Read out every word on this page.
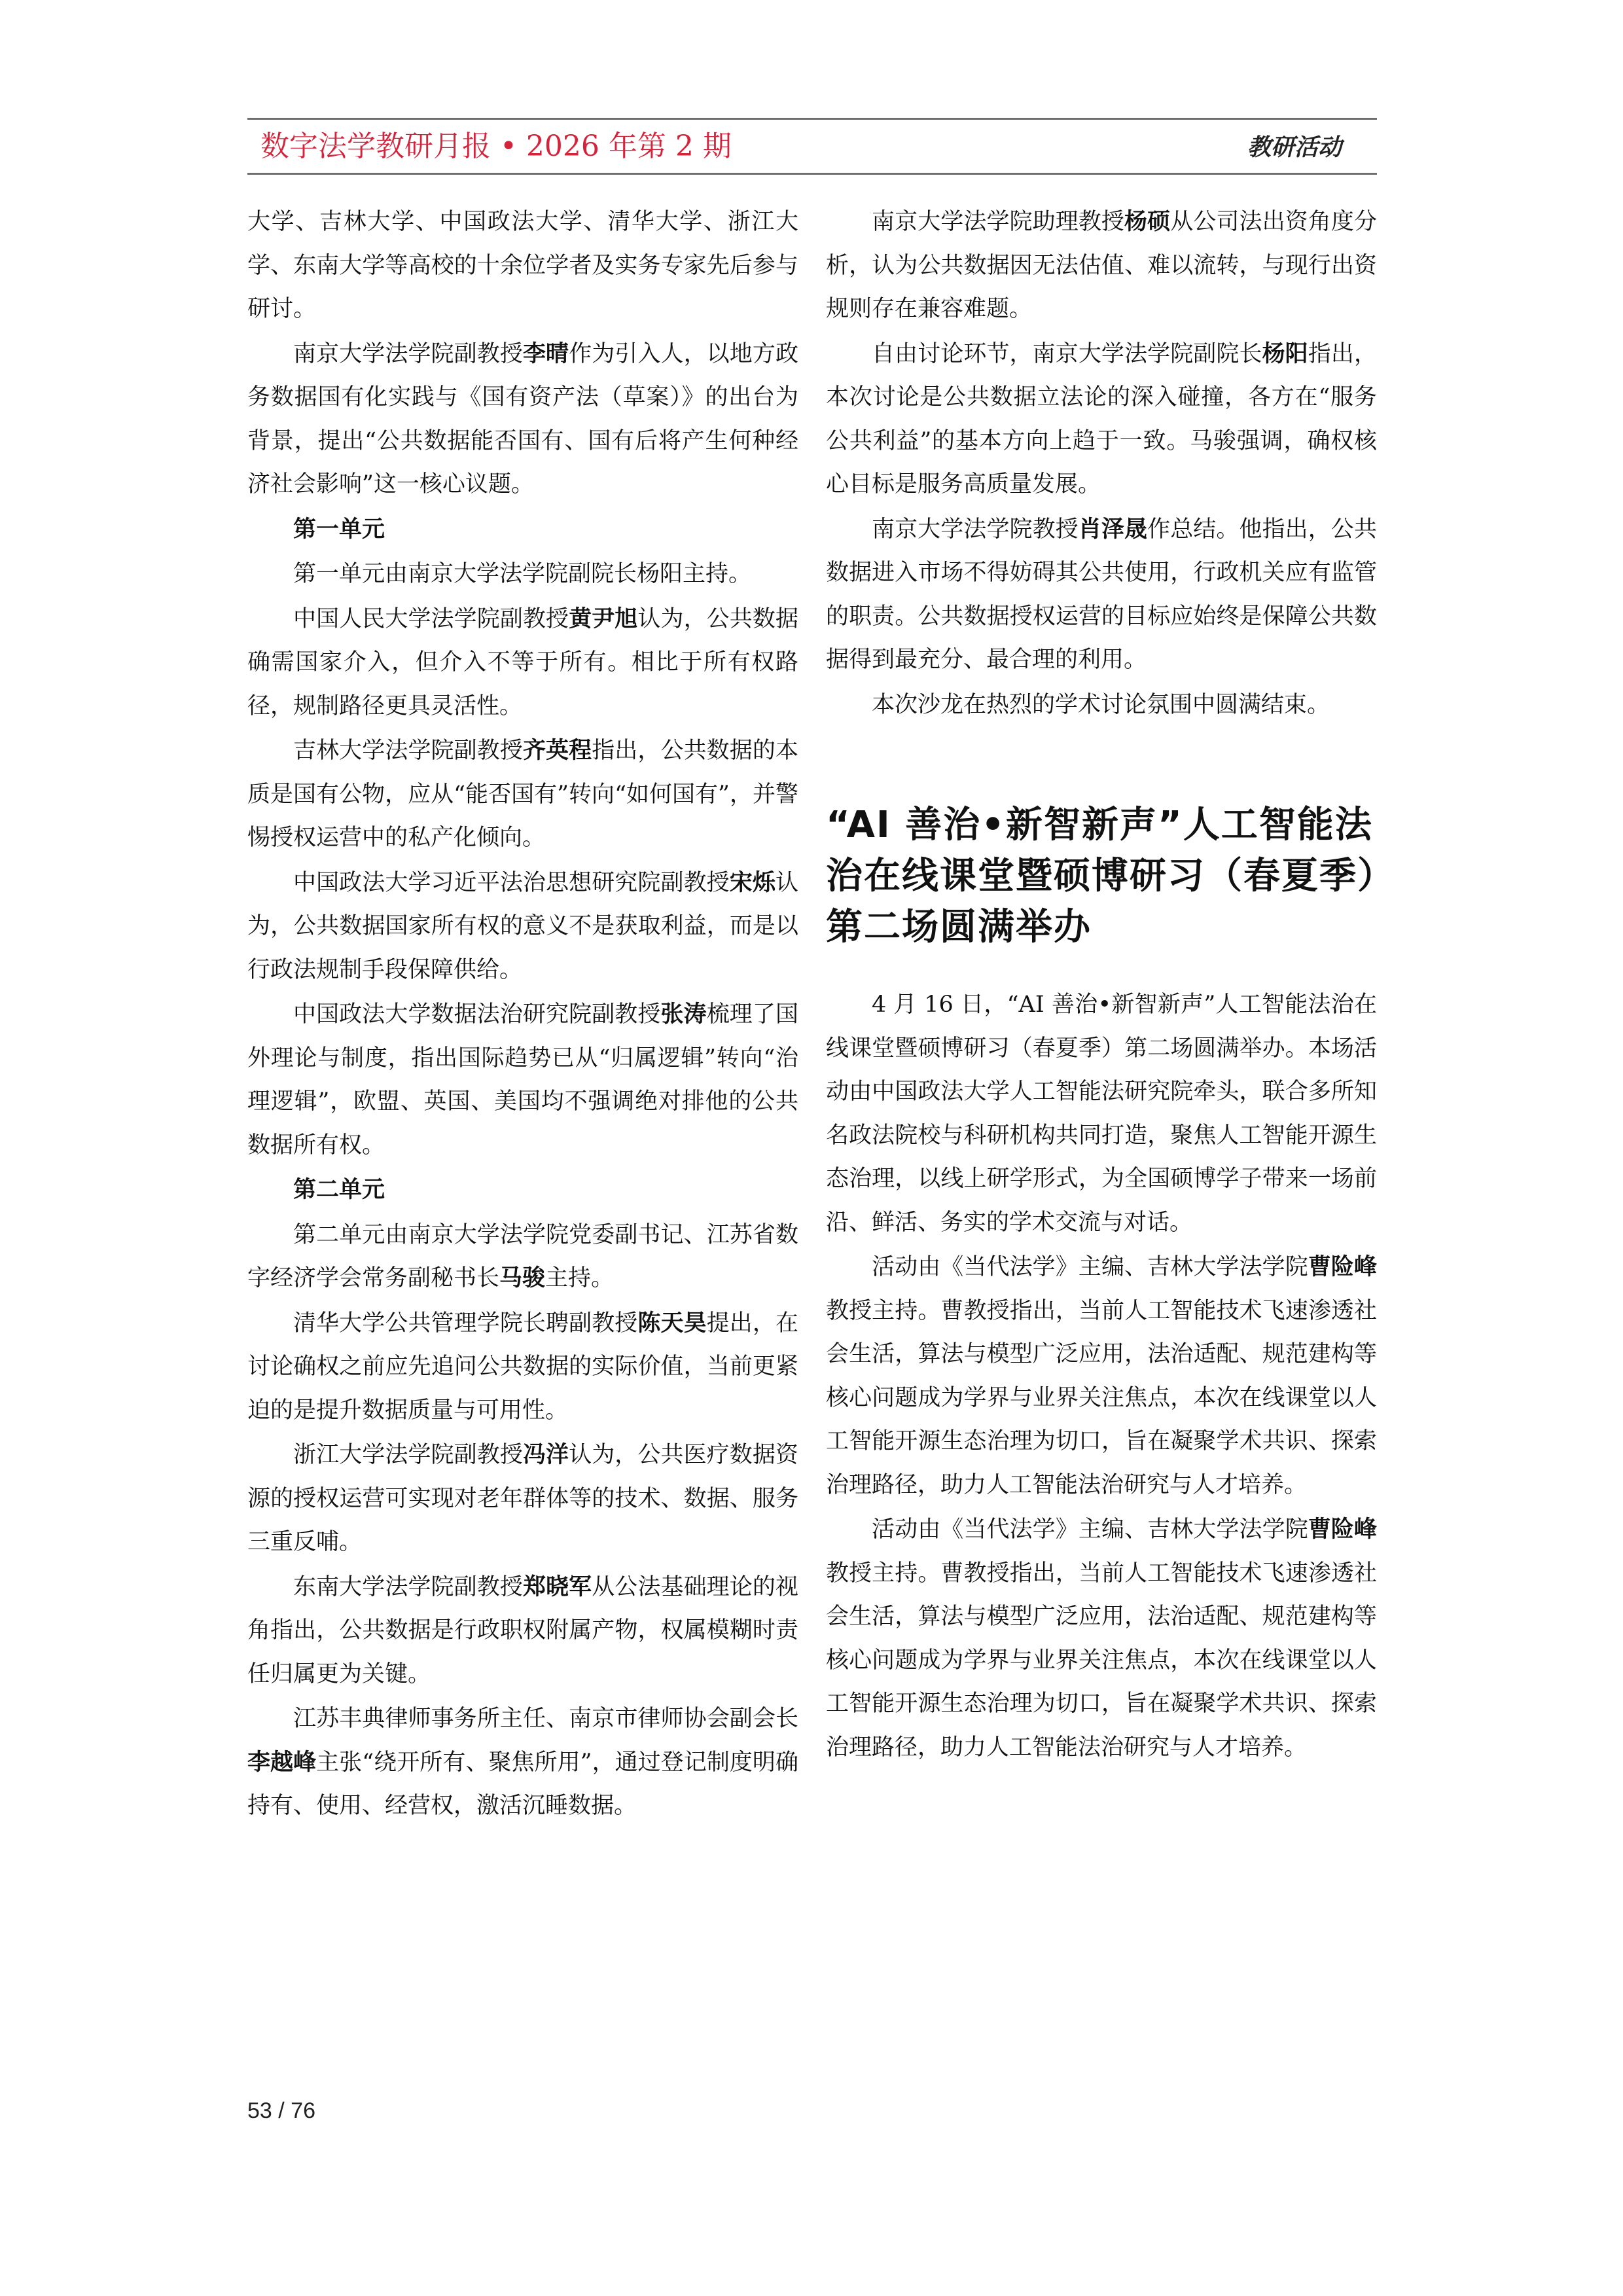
数字法学教研月报 • 2026 年第 2 期	教研活动

大学、吉林大学、中国政法大学、清华大学、浙江大学、东南大学等高校的十余位学者及实务专家先后参与研讨。

南京大学法学院副教授李晴作为引入人，以地方政务数据国有化实践与《国有资产法（草案）》的出台为背景，提出“公共数据能否国有、国有后将产生何种经济社会影响”这一核心议题。

第一单元

第一单元由南京大学法学院副院长杨阳主持。

中国人民大学法学院副教授黄尹旭认为，公共数据确需国家介入，但介入不等于所有。相比于所有权路径，规制路径更具灵活性。

吉林大学法学院副教授齐英程指出，公共数据的本质是国有公物，应从“能否国有”转向“如何国有”，并警惕授权运营中的私产化倾向。

中国政法大学习近平法治思想研究院副教授宋烁认为，公共数据国家所有权的意义不是获取利益，而是以行政法规制手段保障供给。

中国政法大学数据法治研究院副教授张涛梳理了国外理论与制度，指出国际趋势已从“归属逻辑”转向“治理逻辑”，欧盟、英国、美国均不强调绝对排他的公共数据所有权。

第二单元

第二单元由南京大学法学院党委副书记、江苏省数字经济学会常务副秘书长马骏主持。

清华大学公共管理学院长聘副教授陈天昊提出，在讨论确权之前应先追问公共数据的实际价值，当前更紧迫的是提升数据质量与可用性。

浙江大学法学院副教授冯洋认为，公共医疗数据资源的授权运营可实现对老年群体等的技术、数据、服务三重反哺。

东南大学法学院副教授郑晓军从公法基础理论的视角指出，公共数据是行政职权附属产物，权属模糊时责任归属更为关键。

江苏丰典律师事务所主任、南京市律师协会副会长李越峰主张“绕开所有、聚焦所用”，通过登记制度明确持有、使用、经营权，激活沉睡数据。

南京大学法学院助理教授杨硕从公司法出资角度分析，认为公共数据因无法估值、难以流转，与现行出资规则存在兼容难题。

自由讨论环节，南京大学法学院副院长杨阳指出，本次讨论是公共数据立法论的深入碰撞，各方在“服务公共利益”的基本方向上趋于一致。马骏强调，确权核心目标是服务高质量发展。

南京大学法学院教授肖泽晟作总结。他指出，公共数据进入市场不得妨碍其公共使用，行政机关应有监管的职责。公共数据授权运营的目标应始终是保障公共数据得到最充分、最合理的利用。

本次沙龙在热烈的学术讨论氛围中圆满结束。

“AI 善治•新智新声”人工智能法治在线课堂暨硕博研习（春夏季）第二场圆满举办

4 月 16 日，“AI 善治•新智新声”人工智能法治在线课堂暨硕博研习（春夏季）第二场圆满举办。本场活动由中国政法大学人工智能法研究院牵头，联合多所知名政法院校与科研机构共同打造，聚焦人工智能开源生态治理，以线上研学形式，为全国硕博学子带来一场前沿、鲜活、务实的学术交流与对话。

活动由《当代法学》主编、吉林大学法学院曹险峰教授主持。曹教授指出，当前人工智能技术飞速渗透社会生活，算法与模型广泛应用，法治适配、规范建构等核心问题成为学界与业界关注焦点，本次在线课堂以人工智能开源生态治理为切口，旨在凝聚学术共识、探索治理路径，助力人工智能法治研究与人才培养。

活动由《当代法学》主编、吉林大学法学院曹险峰教授主持。曹教授指出，当前人工智能技术飞速渗透社会生活，算法与模型广泛应用，法治适配、规范建构等核心问题成为学界与业界关注焦点，本次在线课堂以人工智能开源生态治理为切口，旨在凝聚学术共识、探索治理路径，助力人工智能法治研究与人才培养。

53 / 76
